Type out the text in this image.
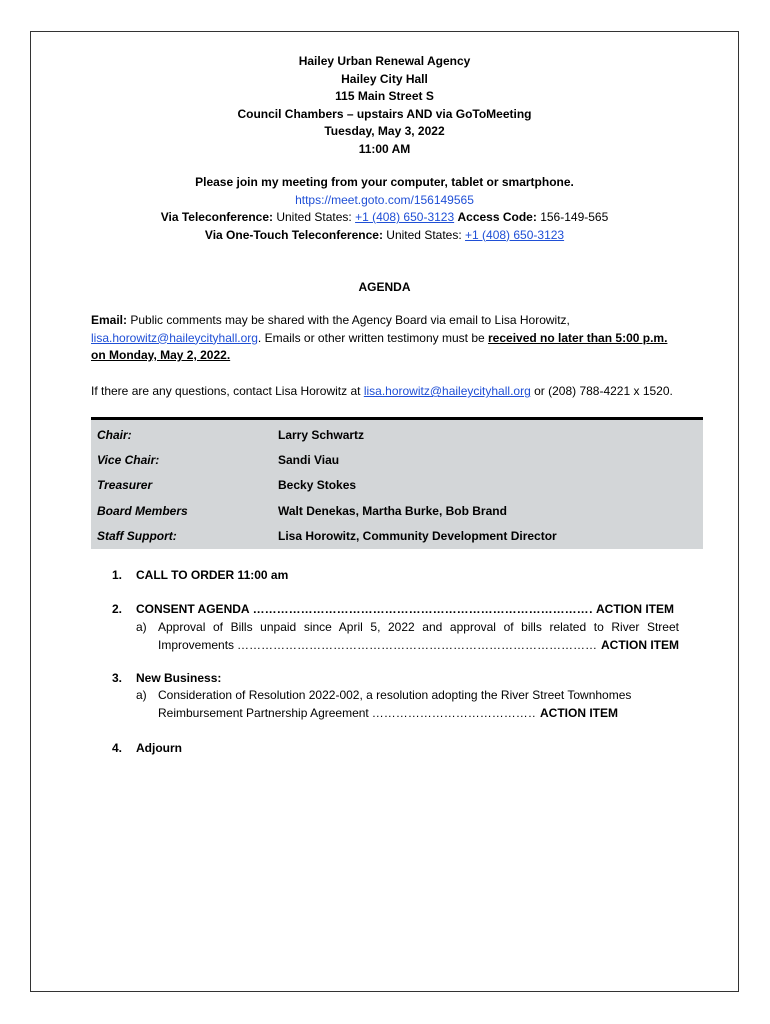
Hailey Urban Renewal Agency
Hailey City Hall
115 Main Street S
Council Chambers – upstairs AND via GoToMeeting
Tuesday, May 3, 2022
11:00 AM
Please join my meeting from your computer, tablet or smartphone.
https://meet.goto.com/156149565
Via Teleconference: United States: +1 (408) 650-3123 Access Code: 156-149-565
Via One-Touch Teleconference: United States: +1 (408) 650-3123
AGENDA
Email: Public comments may be shared with the Agency Board via email to Lisa Horowitz, lisa.horowitz@haileycityhall.org. Emails or other written testimony must be received no later than 5:00 p.m. on Monday, May 2, 2022.
If there are any questions, contact Lisa Horowitz at lisa.horowitz@haileycityhall.org or (208) 788-4221 x 1520.
Chair:	Larry Schwartz
Vice Chair:	Sandi Viau
Treasurer	Becky Stokes
Board Members	Walt Denekas, Martha Burke, Bob Brand
Staff Support:	Lisa Horowitz, Community Development Director
1. CALL TO ORDER 11:00 am
2. CONSENT AGENDA ……………………………………………………………………………………………………………………………………………………………………………	ACTION ITEM
a) Approval of Bills unpaid since April 5, 2022 and approval of bills related to River Street
Improvements ……………………………………………………………………………………………………………………………………………………………………………	ACTION ITEM
3. New Business:
a) Consideration of Resolution 2022-002, a resolution adopting the River Street Townhomes
Reimbursement Partnership Agreement ……………………………………………………………………………………………………………………………………………………………………………	ACTION ITEM
4. Adjourn
